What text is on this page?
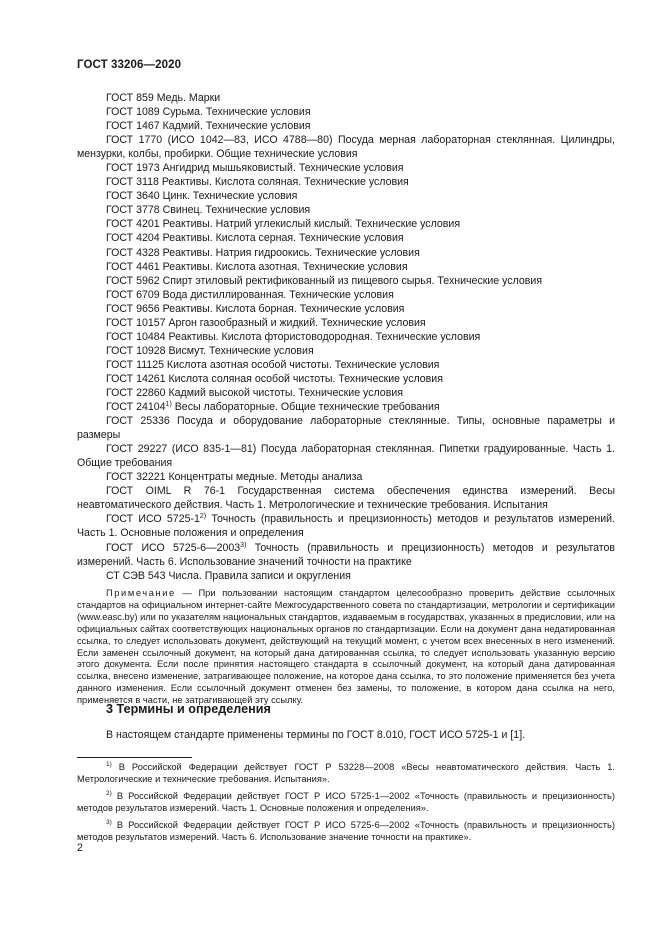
ГОСТ 33206—2020

ГОСТ 859 Медь. Марки

ГОСТ 1089 Сурьма. Технические условия

ГОСТ 1467 Кадмий. Технические условия

ГОСТ 1770 (ИСО 1042—83, ИСО 4788—80) Посуда мерная лабораторная стеклянная. Цилиндры, мензурки, колбы, пробирки. Общие технические условия

ГОСТ 1973 Ангидрид мышьяковистый. Технические условия

ГОСТ 3118 Реактивы. Кислота соляная. Технические условия

ГОСТ 3640 Цинк. Технические условия

ГОСТ 3778 Свинец. Технические условия

ГОСТ 4201 Реактивы. Натрий углекислый кислый. Технические условия

ГОСТ 4204 Реактивы. Кислота серная. Технические условия

ГОСТ 4328 Реактивы. Натрия гидроокись. Технические условия

ГОСТ 4461 Реактивы. Кислота азотная. Технические условия

ГОСТ 5962 Спирт этиловый ректификованный из пищевого сырья. Технические условия

ГОСТ 6709 Вода дистиллированная. Технические условия

ГОСТ 9656 Реактивы. Кислота борная. Технические условия

ГОСТ 10157 Аргон газообразный и жидкий. Технические условия

ГОСТ 10484 Реактивы. Кислота фтористоводородная. Технические условия

ГОСТ 10928 Висмут. Технические условия

ГОСТ 11125 Кислота азотная особой чистоты. Технические условия

ГОСТ 14261 Кислота соляная особой чистоты. Технические условия

ГОСТ 22860 Кадмий высокой чистоты. Технические условия

ГОСТ 24104$^{1)}$ Весы лабораторные. Общие технические требования

ГОСТ 25336 Посуда и оборудование лабораторные стеклянные. Типы, основные параметры и размеры

ГОСТ 29227 (ИСО 835-1—81) Посуда лабораторная стеклянная. Пипетки градуированные. Часть 1. Общие требования

ГОСТ 32221 Концентраты медные. Методы анализа

ГОСТ OIML R 76-1 Государственная система обеспечения единства измерений. Весы неавтоматического действия. Часть 1. Метрологические и технические требования. Испытания

ГОСТ ИСО 5725-1$^{2)}$ Точность (правильность и прецизионность) методов и результатов измерений. Часть 1. Основные положения и определения

ГОСТ ИСО 5725-6—2003$^{3)}$ Точность (правильность и прецизионность) методов и результатов измерений. Часть 6. Использование значений точности на практике

СТ СЭВ 543 Числа. Правила записи и округления

Примечание — При пользовании настоящим стандартом целесообразно проверить действие ссылочных стандартов на официальном интернет-сайте Межгосударственного совета по стандартизации, метрологии и сертификации (www.easc.by) или по указателям национальных стандартов, издаваемым в государствах, указанных в предисловии, или на официальных сайтах соответствующих национальных органов по стандартизации. Если на документ дана недатированная ссылка, то следует использовать документ, действующий на текущий момент, с учетом всех внесенных в него изменений. Если заменен ссылочный документ, на который дана датированная ссылка, то следует использовать указанную версию этого документа. Если после принятия настоящего стандарта в ссылочный документ, на который дана датированная ссылка, внесено изменение, затрагивающее положение, на которое дана ссылка, то это положение применяется без учета данного изменения. Если ссылочный документ отменен без замены, то положение, в котором дана ссылка на него, применяется в части, не затрагивающей эту ссылку.

3 Термины и определения
В настоящем стандарте применены термины по ГОСТ 8.010, ГОСТ ИСО 5725-1 и [1].

$^{1)}$ В Российской Федерации действует ГОСТ Р 53228—2008 «Весы неавтоматического действия. Часть 1. Метрологические и технические требования. Испытания».

$^{2)}$ В Российской Федерации действует ГОСТ Р ИСО 5725-1—2002 «Точность (правильность и прецизионность) методов результатов измерений. Часть 1. Основные положения и определения».

$^{3)}$ В Российской Федерации действует ГОСТ Р ИСО 5725-6—2002 «Точность (правильность и прецизионность) методов результатов измерений. Часть 6. Использование значение точности на практике».

2
